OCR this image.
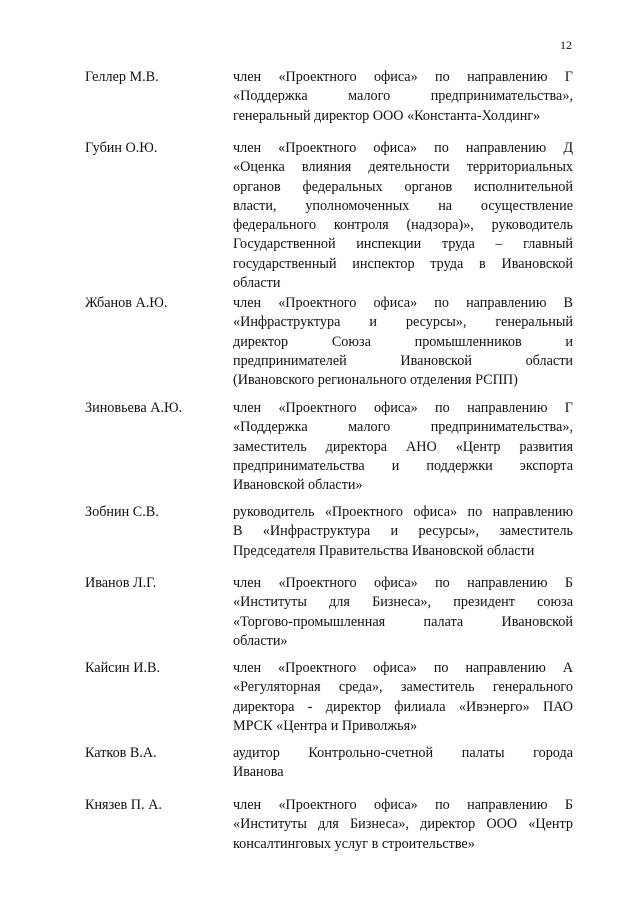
12
Геллер М.В.	член «Проектного офиса» по направлению Г
«Поддержка малого предпринимательства»,
генеральный директор ООО «Константа-Холдинг»
Губин О.Ю.	член «Проектного офиса» по направлению Д
«Оценка влияния деятельности территориальных
органов федеральных органов исполнительной
власти, уполномоченных на осуществление
федерального контроля (надзора)», руководитель
Государственной инспекции труда – главный
государственный инспектор труда в Ивановской
области
Жбанов А.Ю.	член «Проектного офиса» по направлению В
«Инфраструктура и ресурсы», генеральный
директор Союза промышленников и
предпринимателей Ивановской области
(Ивановского регионального отделения РСПП)
Зиновьева А.Ю.	член «Проектного офиса» по направлению Г
«Поддержка малого предпринимательства»,
заместитель директора АНО «Центр развития
предпринимательства и поддержки экспорта
Ивановской области»
Зобнин С.В.	руководитель «Проектного офиса» по направлению
В «Инфраструктура и ресурсы», заместитель
Председателя Правительства Ивановской области
Иванов Л.Г.	член «Проектного офиса» по направлению Б
«Институты для Бизнеса», президент союза
«Торгово-промышленная палата Ивановской
области»
Кайсин И.В.	член «Проектного офиса» по направлению А
«Регуляторная среда», заместитель генерального
директора - директор филиала «Ивэнерго» ПАО
МРСК «Центра и Приволжья»
Катков В.А.	аудитор Контрольно-счетной палаты города
Иванова
Князев П. А.	член «Проектного офиса» по направлению Б
«Институты для Бизнеса», директор ООО «Центр
консалтинговых услуг в строительстве»
